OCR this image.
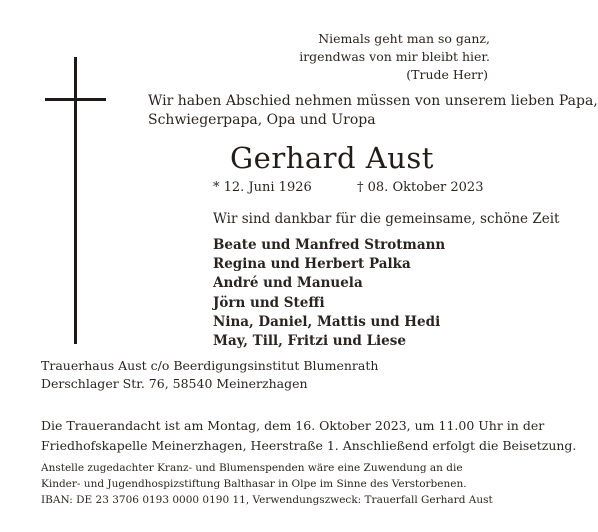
Niemals geht man so ganz,
irgendwas von mir bleibt hier.
(Trude Herr)
Wir haben Abschied nehmen müssen von unserem lieben Papa,
Schwiegerpapa, Opa und Uropa
Gerhard Aust
* 12. Juni 1926	† 08. Oktober 2023
Wir sind dankbar für die gemeinsame, schöne Zeit
Beate und Manfred Strotmann
Regina und Herbert Palka
André und Manuela
Jörn und Steffi
Nina, Daniel, Mattis und Hedi
May, Till, Fritzi und Liese
Trauerhaus Aust c/o Beerdigungsinstitut Blumenrath
Derschlager Str. 76, 58540 Meinerzhagen
Die Trauerandacht ist am Montag, dem 16. Oktober 2023, um 11.00 Uhr in der
Friedhofskapelle Meinerzhagen, Heerstraße 1. Anschließend erfolgt die Beisetzung.
Anstelle zugedachter Kranz- und Blumenspenden wäre eine Zuwendung an die
Kinder- und Jugendhospizstiftung Balthasar in Olpe im Sinne des Verstorbenen.
IBAN: DE 23 3706 0193 0000 0190 11, Verwendungszweck: Trauerfall Gerhard Aust
